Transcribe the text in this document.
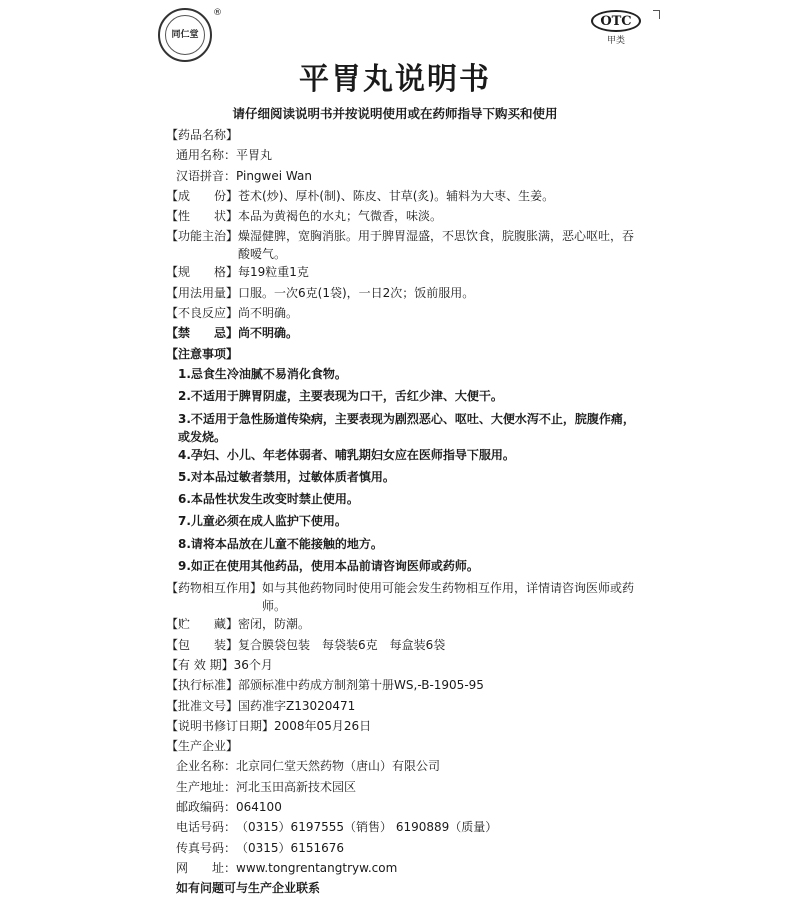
同仁堂
®
OTC
甲类
平胃丸说明书
请仔细阅读说明书并按说明使用或在药师指导下购买和使用
【药品名称】
通用名称： 平胃丸
汉语拼音： Pingwei Wan
【成　　份】 苍术(炒)、厚朴(制)、陈皮、甘草(炙)。辅料为大枣、生姜。
【性　　状】 本品为黄褐色的水丸；气微香，味淡。
【功能主治】 燥湿健脾，宽胸消胀。用于脾胃湿盛，不思饮食，脘腹胀满，恶心呕吐，吞酸嗳气。
【规　　格】 每19粒重1克
【用法用量】 口服。一次6克(1袋)，一日2次；饭前服用。
【不良反应】 尚不明确。
【禁　　忌】 尚不明确。
【注意事项】
1.忌食生冷油腻不易消化食物。
2.不适用于脾胃阴虚，主要表现为口干，舌红少津、大便干。
3.不适用于急性肠道传染病，主要表现为剧烈恶心、呕吐、大便水泻不止，脘腹作痛，或发烧。
4.孕妇、小儿、年老体弱者、哺乳期妇女应在医师指导下服用。
5.对本品过敏者禁用，过敏体质者慎用。
6.本品性状发生改变时禁止使用。
7.儿童必须在成人监护下使用。
8.请将本品放在儿童不能接触的地方。
9.如正在使用其他药品，使用本品前请咨询医师或药师。
【药物相互作用】 如与其他药物同时使用可能会发生药物相互作用，详情请咨询医师或药师。
【贮　　藏】 密闭，防潮。
【包　　装】 复合膜袋包装　每袋装6克　每盒装6袋
【有 效 期】 36个月
【执行标准】 部颁标准中药成方制剂第十册WS,-B-1905-95
【批准文号】 国药准字Z13020471
【说明书修订日期】 2008年05月26日
【生产企业】
企业名称： 北京同仁堂天然药物（唐山）有限公司
生产地址： 河北玉田高新技术园区
邮政编码： 064100
电话号码： （0315）6197555（销售） 6190889（质量）
传真号码： （0315）6151676
网　　址： www.tongrentangtryw.com
如有问题可与生产企业联系
